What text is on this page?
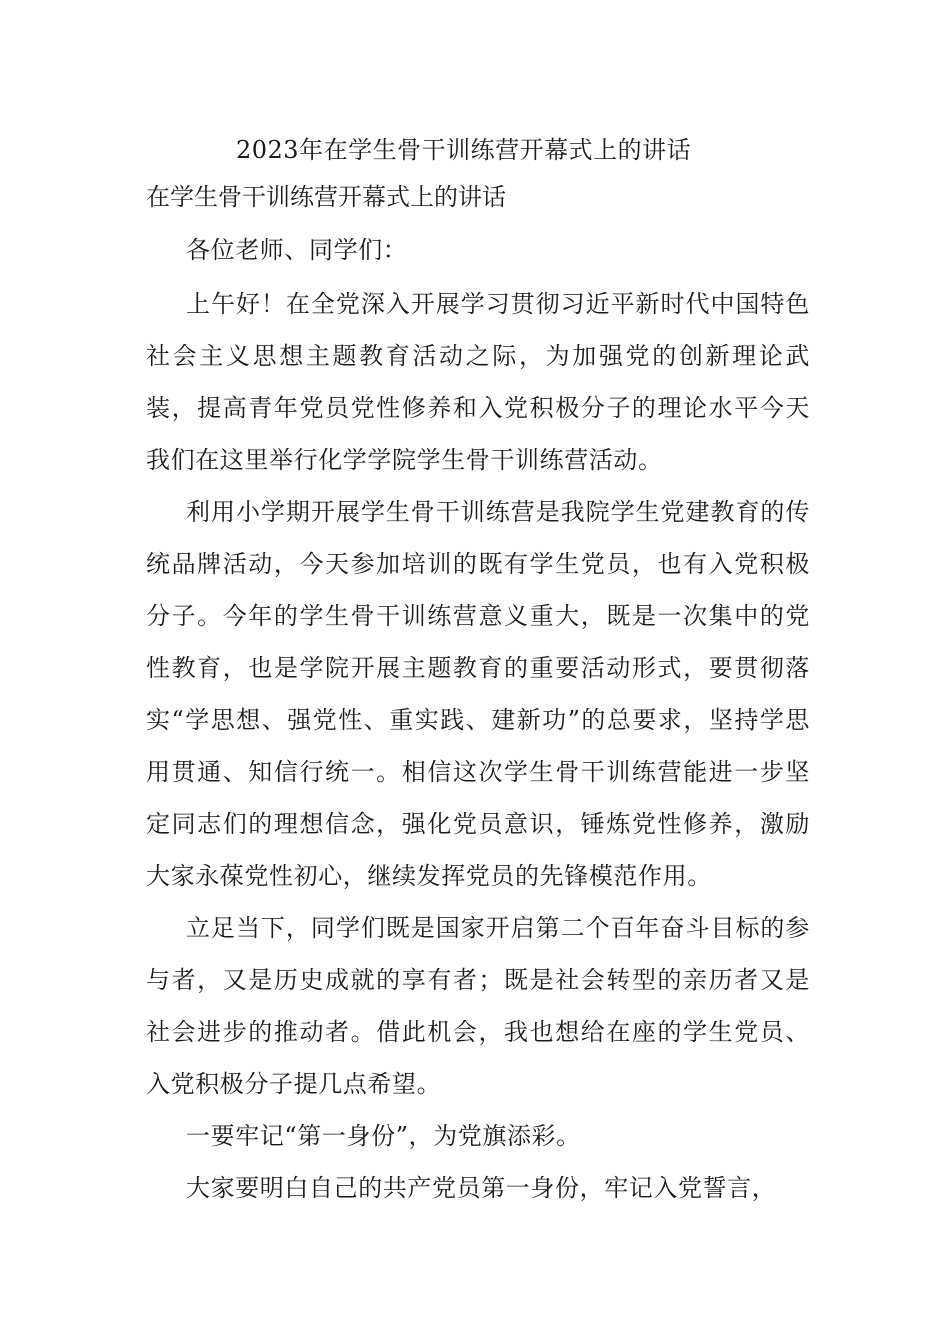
2023年在学生骨干训练营开幕式上的讲话

在学生骨干训练营开幕式上的讲话

各位老师、同学们：

上午好！在全党深入开展学习贯彻习近平新时代中国特色社会主义思想主题教育活动之际，为加强党的创新理论武装，提高青年党员党性修养和入党积极分子的理论水平今天我们在这里举行化学学院学生骨干训练营活动。

利用小学期开展学生骨干训练营是我院学生党建教育的传统品牌活动，今天参加培训的既有学生党员，也有入党积极分子。今年的学生骨干训练营意义重大，既是一次集中的党性教育，也是学院开展主题教育的重要活动形式，要贯彻落实“学思想、强党性、重实践、建新功”的总要求，坚持学思用贯通、知信行统一。相信这次学生骨干训练营能进一步坚定同志们的理想信念，强化党员意识，锤炼党性修养，激励大家永葆党性初心，继续发挥党员的先锋模范作用。

立足当下，同学们既是国家开启第二个百年奋斗目标的参与者，又是历史成就的享有者；既是社会转型的亲历者又是社会进步的推动者。借此机会，我也想给在座的学生党员、入党积极分子提几点希望。

一要牢记“第一身份”，为党旗添彩。

大家要明白自己的共产党员第一身份，牢记入党誓言，
